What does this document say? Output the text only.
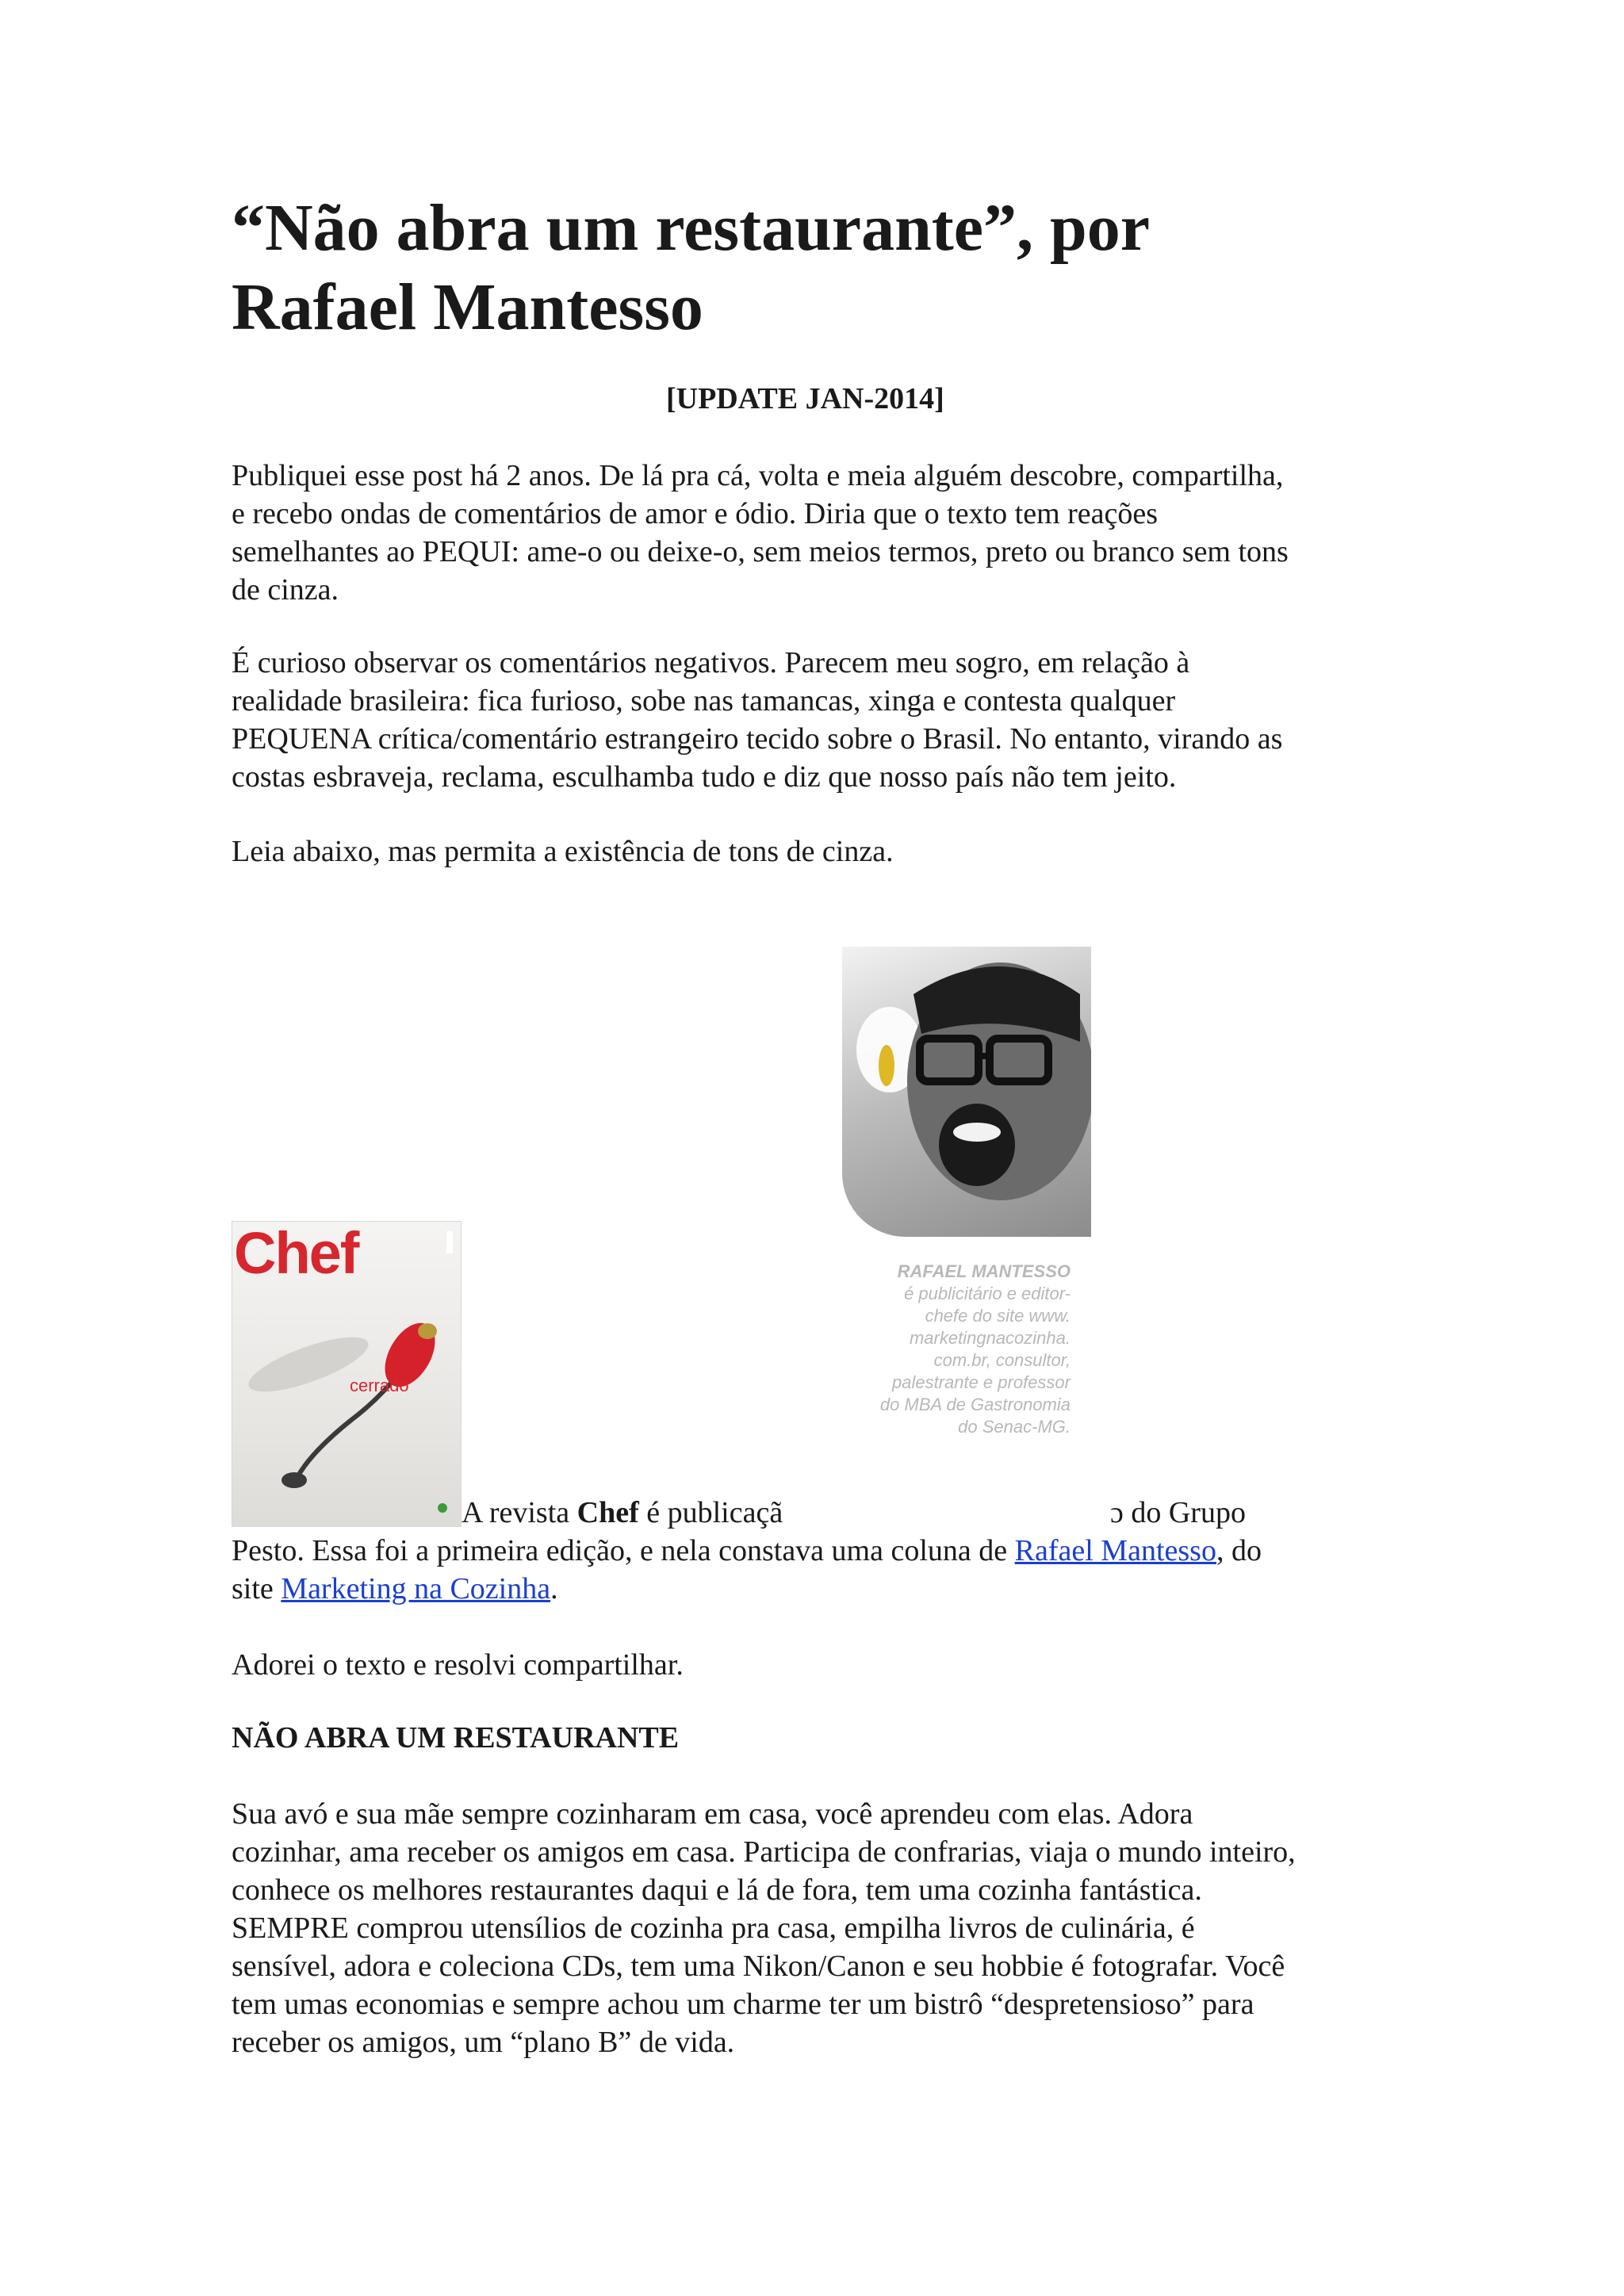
“Não abra um restaurante”, por
Rafael Mantesso

[UPDATE JAN-2014]

Publiquei esse post há 2 anos. De lá pra cá, volta e meia alguém descobre, compartilha,
e recebo ondas de comentários de amor e ódio. Diria que o texto tem reações
semelhantes ao PEQUI: ame-o ou deixe-o, sem meios termos, preto ou branco sem tons
de cinza.

É curioso observar os comentários negativos. Parecem meu sogro, em relação à
realidade brasileira: fica furioso, sobe nas tamancas, xinga e contesta qualquer
PEQUENA crítica/comentário estrangeiro tecido sobre o Brasil. No entanto, virando as
costas esbraveja, reclama, esculhamba tudo e diz que nosso país não tem jeito.

Leia abaixo, mas permita a existência de tons de cinza.

RAFAEL MANTESSO
é publicitário e editor-
chefe do site www.
marketingnacozinha.
com.br, consultor,
palestrante e professor
do MBA de Gastronomia
do Senac-MG.

Chef
cerrado

A revista Chef é publicaçã	ɔ do Grupo
Pesto. Essa foi a primeira edição, e nela constava uma coluna de Rafael Mantesso, do
site Marketing na Cozinha.

Adorei o texto e resolvi compartilhar.

NÃO ABRA UM RESTAURANTE

Sua avó e sua mãe sempre cozinharam em casa, você aprendeu com elas. Adora
cozinhar, ama receber os amigos em casa. Participa de confrarias, viaja o mundo inteiro,
conhece os melhores restaurantes daqui e lá de fora, tem uma cozinha fantástica.
SEMPRE comprou utensílios de cozinha pra casa, empilha livros de culinária, é
sensível, adora e coleciona CDs, tem uma Nikon/Canon e seu hobbie é fotografar. Você
tem umas economias e sempre achou um charme ter um bistrô “despretensioso” para
receber os amigos, um “plano B” de vida.
